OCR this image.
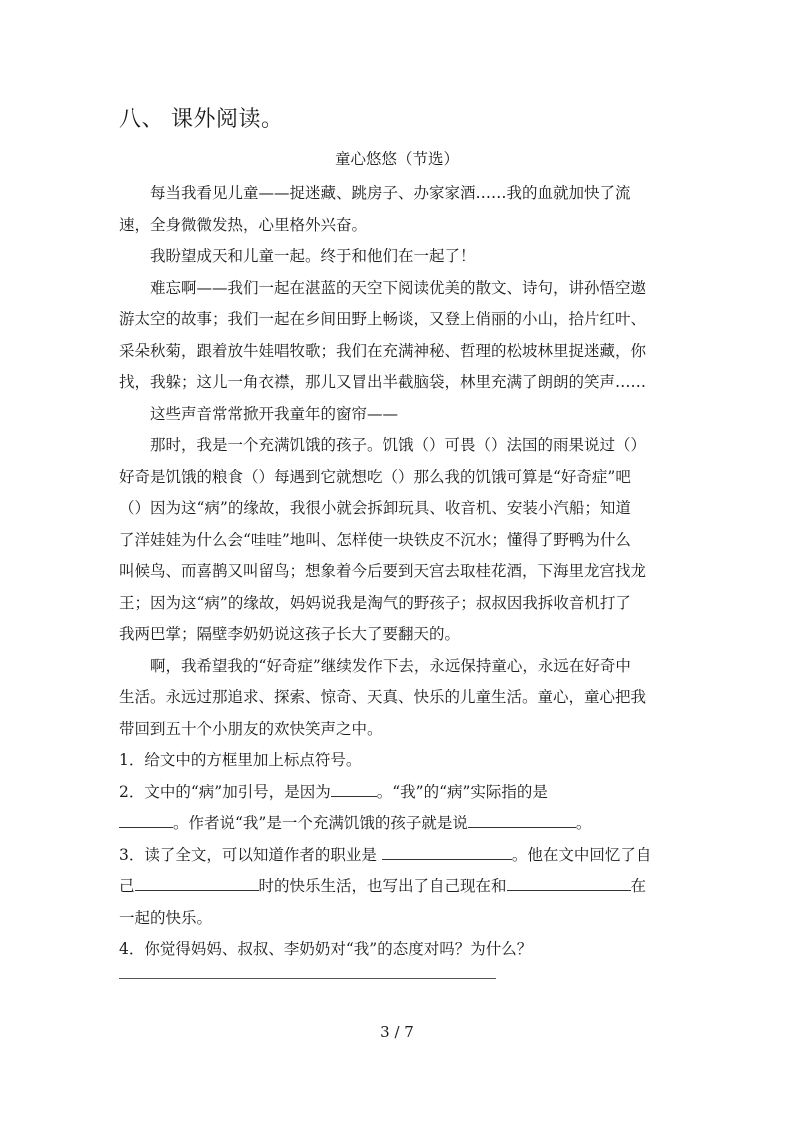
八、 课外阅读。
童心悠悠（节选）
每当我看见儿童——捉迷藏、跳房子、办家家酒……我的血就加快了流
速，全身微微发热，心里格外兴奋。
我盼望成天和儿童一起。终于和他们在一起了！
难忘啊——我们一起在湛蓝的天空下阅读优美的散文、诗句，讲孙悟空遨
游太空的故事；我们一起在乡间田野上畅谈，又登上俏丽的小山，拾片红叶、
采朵秋菊，跟着放牛娃唱牧歌；我们在充满神秘、哲理的松坡林里捉迷藏，你
找，我躲；这儿一角衣襟，那儿又冒出半截脑袋，林里充满了朗朗的笑声……
这些声音常常掀开我童年的窗帘——
那时，我是一个充满饥饿的孩子。饥饿（）可畏（）法国的雨果说过（）
好奇是饥饿的粮食（）每遇到它就想吃（）那么我的饥饿可算是“好奇症”吧
（）因为这“病”的缘故，我很小就会拆卸玩具、收音机、安装小汽船；知道
了洋娃娃为什么会“哇哇”地叫、怎样使一块铁皮不沉水；懂得了野鸭为什么
叫候鸟、而喜鹊又叫留鸟；想象着今后要到天宫去取桂花酒，下海里龙宫找龙
王；因为这“病”的缘故，妈妈说我是淘气的野孩子；叔叔因我拆收音机打了
我两巴掌；隔壁李奶奶说这孩子长大了要翻天的。
啊，我希望我的“好奇症”继续发作下去，永远保持童心，永远在好奇中
生活。永远过那追求、探索、惊奇、天真、快乐的儿童生活。童心，童心把我
带回到五十个小朋友的欢快笑声之中。
1．给文中的方框里加上标点符号。
2．文中的“病”加引号，是因为	。“我”的“病”实际指的是
。作者说“我”是一个充满饥饿的孩子就是说	。
3．读了全文，可以知道作者的职业是	。他在文中回忆了自
己	时的快乐生活，也写出了自己现在和	在
一起的快乐。
4．你觉得妈妈、叔叔、李奶奶对“我”的态度对吗？为什么？
3 / 7
